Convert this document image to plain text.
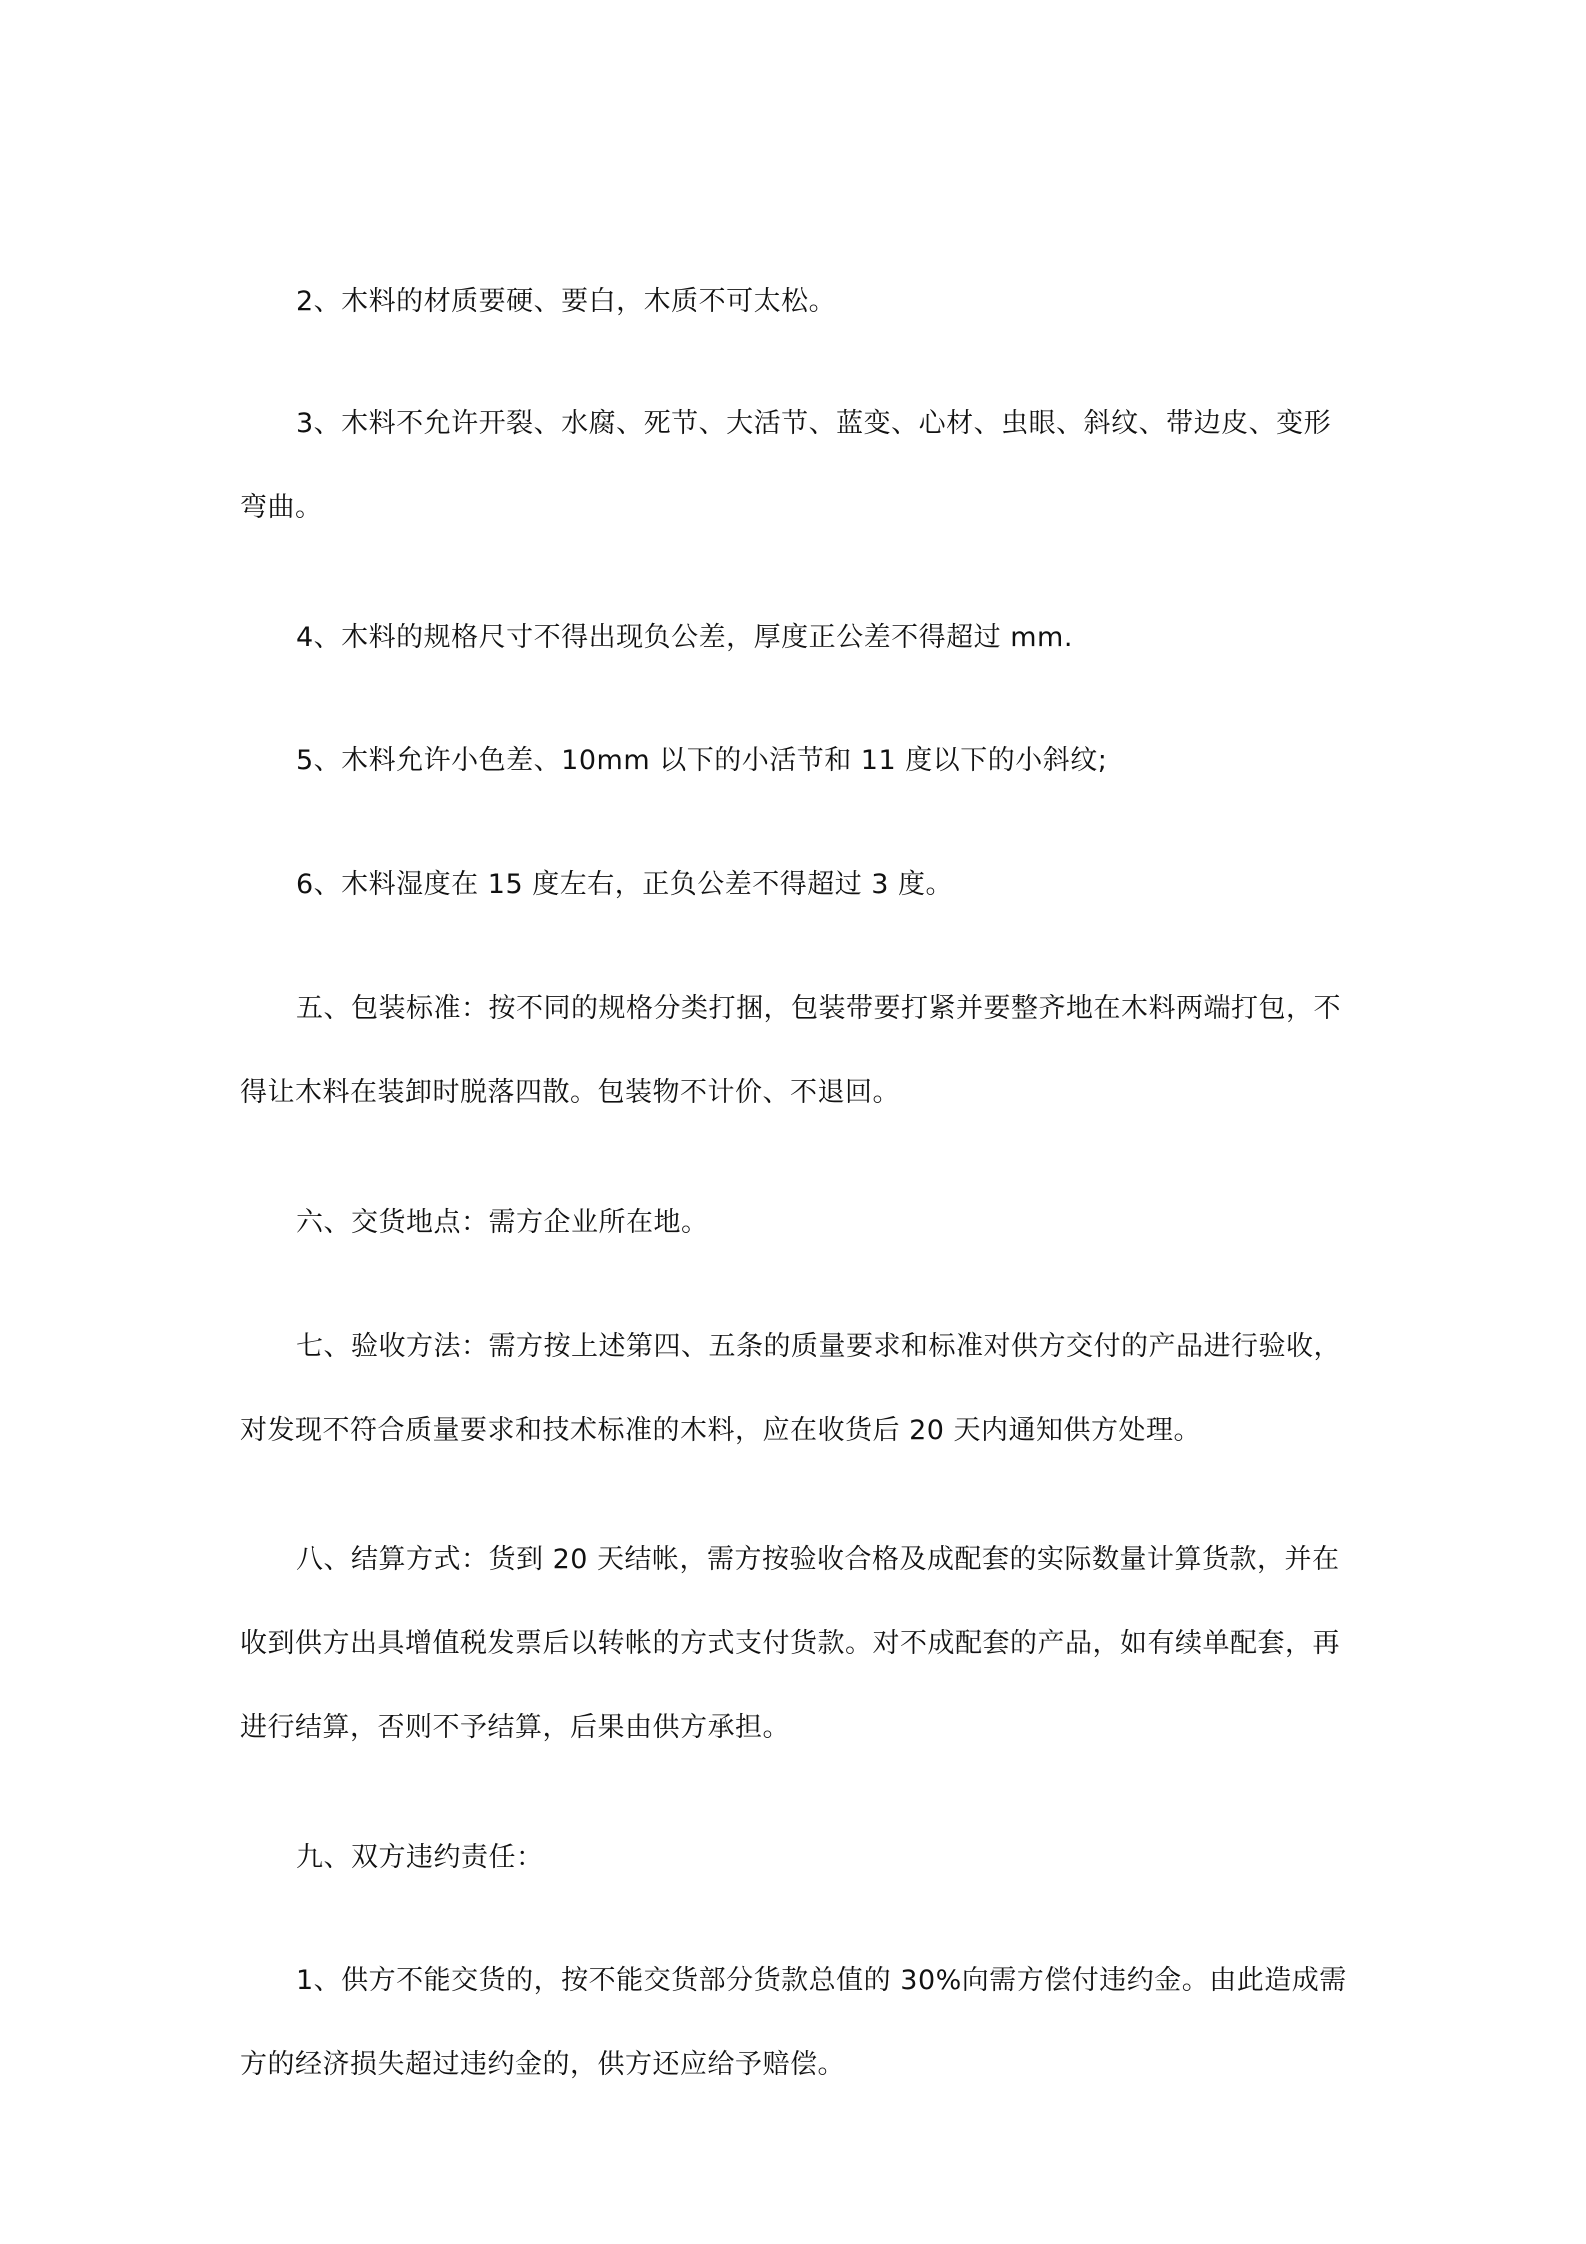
2、木料的材质要硬、要白，木质不可太松。

3、木料不允许开裂、水腐、死节、大活节、蓝变、心材、虫眼、斜纹、带边皮、变形弯曲。

4、木料的规格尺寸不得出现负公差，厚度正公差不得超过 mm.

5、木料允许小色差、10mm 以下的小活节和 11 度以下的小斜纹;

6、木料湿度在 15 度左右，正负公差不得超过 3 度。

五、包装标准：按不同的规格分类打捆，包装带要打紧并要整齐地在木料两端打包，不得让木料在装卸时脱落四散。包装物不计价、不退回。

六、交货地点：需方企业所在地。

七、验收方法：需方按上述第四、五条的质量要求和标准对供方交付的产品进行验收，对发现不符合质量要求和技术标准的木料，应在收货后 20 天内通知供方处理。

八、结算方式：货到 20 天结帐，需方按验收合格及成配套的实际数量计算货款，并在收到供方出具增值税发票后以转帐的方式支付货款。对不成配套的产品，如有续单配套，再进行结算，否则不予结算，后果由供方承担。

九、双方违约责任：

1、供方不能交货的，按不能交货部分货款总值的 30%向需方偿付违约金。由此造成需方的经济损失超过违约金的，供方还应给予赔偿。
